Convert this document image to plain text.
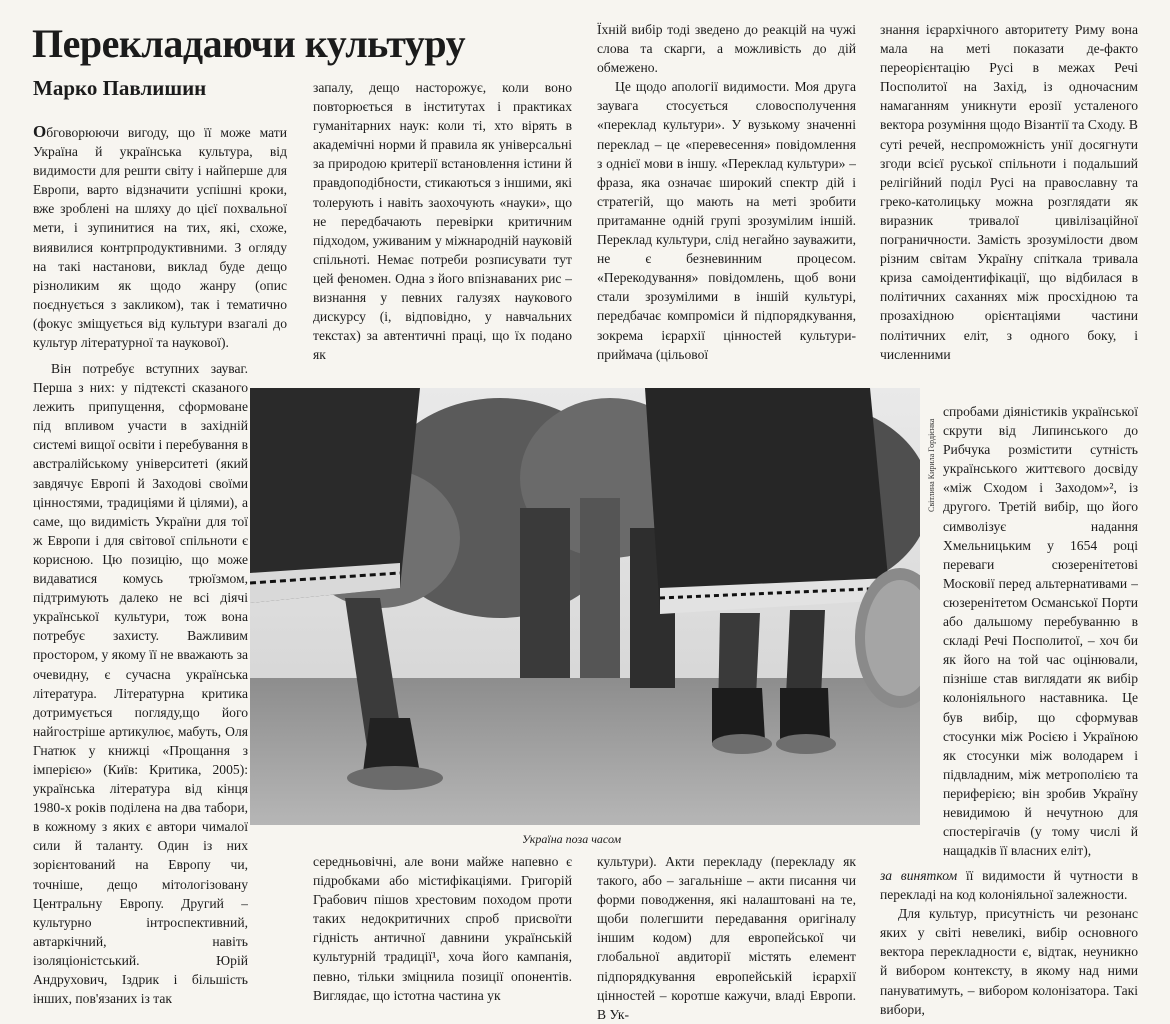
Перекладаючи культуру
Марко Павлишин

Обговорюючи вигоду, що її може мати Україна й українська культура, від видимости для решти світу і найперше для Европи, варто відзначити успішні кроки, вже зроблені на шляху до цієї похвальної мети, і зупинитися на тих, які, схоже, виявилися контрпродуктивними. З огляду на такі настанови, виклад буде дещо різноликим як щодо жанру (опис поєднується з закликом), так і тематично (фокус зміщується від культури взагалі до культур літературної та наукової).

Він потребує вступних зауваг. Перша з них: у підтексті сказаного лежить припущення, сформоване під впливом участи в західній системі вищої освіти і перебування в австралійському університеті (який завдячує Европі й Заходові своїми цінностями, традиціями й цілями), а саме, що видимість України для тої ж Европи і для світової спільноти є корисною. Цю позицію, що може видаватися комусь трюїзмом, підтримують далеко не всі діячі української культури, тож вона потребує захисту. Важливим простором, у якому її не вважають за очевидну, є сучасна українська література. Літературна критика дотримується погляду,що його найгостріше артикулює, мабуть, Оля Гнатюк у книжці «Прощання з імперією» (Київ: Критика, 2005): українська література від кінця 1980-х років поділена на два табори, в кожному з яких є автори чималої сили й таланту. Один із них зорієнтований на Европу чи, точніше, дещо мітологізовану Центральну Европу. Другий – культурно інтроспективний, автаркічний, навіть ізоляціоністський. Юрій Андрухович, Іздрик і більшість інших, пов'язаних із так

запалу, дещо насторожує, коли воно повторюється в інститутах і практиках гуманітарних наук: коли ті, хто вірять в академічні норми й правила як універсальні за природою критерії встановлення істини й правдоподібности, стикаються з іншими, які толерують і навіть заохочують «науки», що не передбачають перевірки критичним підходом, уживаним у міжнародній науковій спільноті. Немає потреби розписувати тут цей феномен. Одна з його впізнаваних рис – визнання у певних галузях наукового дискурсу (і, відповідно, у навчальних текстах) за автентичні праці, що їх подано як

середньовічні, але вони майже напевно є підробками або містифікаціями. Григорій Грабович пішов хрестовим походом проти таких недокритичних спроб присвоїти гідність античної давнини українській культурній традиції¹, хоча його кампанія, певно, тільки зміцнила позиції опонентів. Виглядає, що істотна частина ук

Їхній вибір тоді зведено до реакцій на чужі слова та скарги, а можливість до дій обмежено.

Це щодо апології видимости. Моя друга заувага стосується словосполучення «переклад культури». У вузькому значенні переклад – це «перевесення» повідомлення з однієї мови в іншу. «Переклад культури» – фраза, яка означає широкий спектр дій і стратегій, що мають на меті зробити притаманне одній групі зрозумілим іншій. Переклад культури, слід негайно зауважити, не є безневинним процесом. «Перекодування» повідомлень, щоб вони стали зрозумілими в іншій культурі, передбачає компроміси й підпорядкування, зокрема ієрархії цінностей культури-приймача (цільової

культури). Акти перекладу (перекладу як такого, або – загальніше – акти писання чи форми поводження, які налаштовані на те, щоби полегшити передавання оригіналу іншим кодом) для европейської чи глобальної авдиторії містять елемент підпорядкування европейській ієрархії цінностей – коротше кажучи, владі Европи. В Ук-

знання ієрархічного авторитету Риму вона мала на меті показати де-факто переорієнтацію Русі в межах Речі Посполитої на Захід, із одночасним намаганням уникнути ерозії усталеного вектора розуміння щодо Візантії та Сходу. В суті речей, неспроможність унії досягнути згоди всієї руської спільноти і подальший релігійний поділ Русі на православну та греко-католицьку можна розглядати як виразник тривалої цивілізаційної пограничности. Замість зрозумілости двом різним світам Україну спіткала тривала криза самоідентифікації, що відбилася в політичних саханнях між просхідною та прозахідною орієнтаціями частини політичних еліт, з одного боку, і численними

спробами діяністиків української скрути від Липинського до Рибчука розмістити сутність українського життєвого досвіду «між Сходом і Заходом»², із другого. Третій вибір, що його символізує надання Хмельницьким у 1654 році переваги сюзеренітетові Московії перед альтернативами – сюзеренітетом Османської Порти або дальшому перебуванню в складі Речі Посполитої, – хоч би як його на той час оцінювали, пізніше став виглядати як вибір колоніяльного наставника. Це був вибір, що сформував стосунки між Росією і Україною як стосунки між володарем і підвладним, між метрополією та периферією; він зробив Україну невидимою й нечутною для спостерігачів (у тому числі й нащадків її власних еліт),

за винятком її видимости й чутности в перекладі на код колоніяльної залежности.

Для культур, присутність чи резонанс яких у світі невеликі, вибір основного вектора перекладности є, відтак, неуникно й вибором контексту, в якому над ними пануватимуть, – вибором колонізатора. Такі вибори,

Світлина Кирила Гордієнка
Україна поза часом
